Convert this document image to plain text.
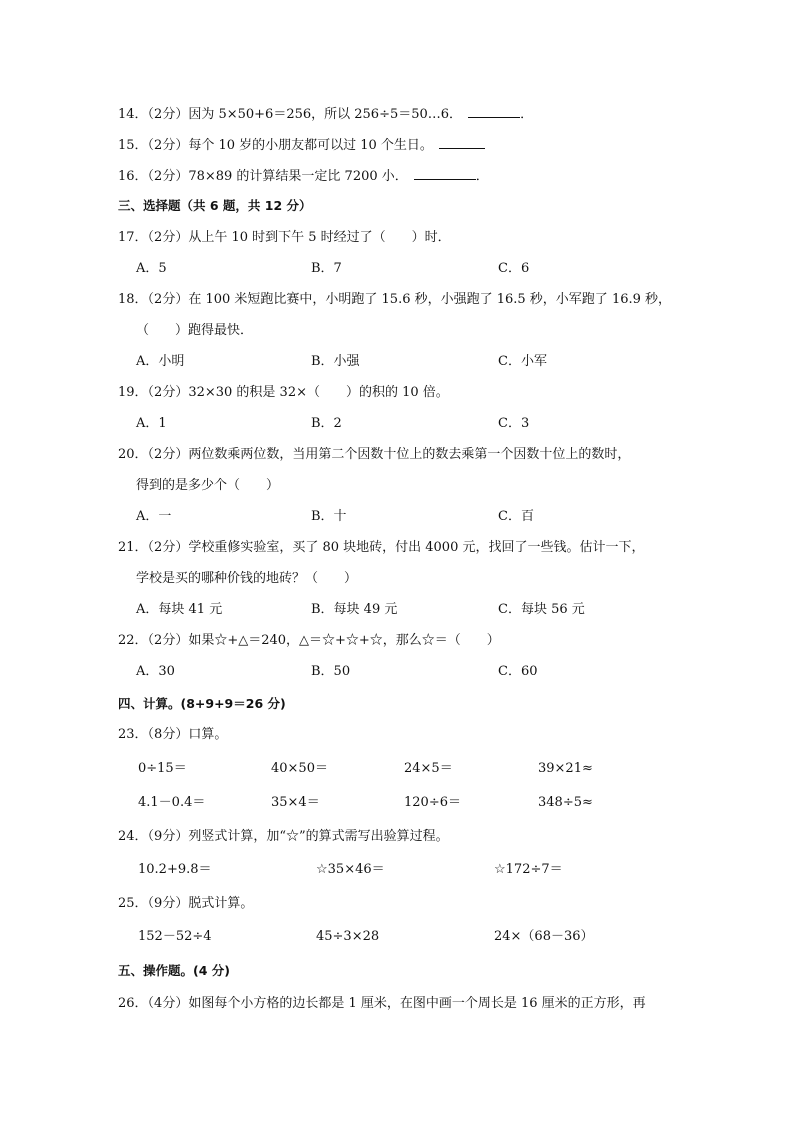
14．（2分）因为 5×50+6＝256，所以 256÷5＝50…6．	．
15．（2分）每个 10 岁的小朋友都可以过 10 个生日。
16．（2分）78×89 的计算结果一定比 7200 小．	．
三、选择题（共 6 题，共 12 分）
17．（2分）从上午 10 时到下午 5 时经过了（　　）时．
A．5	B．7	C．6
18．（2分）在 100 米短跑比赛中，小明跑了 15.6 秒，小强跑了 16.5 秒，小军跑了 16.9 秒，
（　　）跑得最快．
A．小明	B．小强	C．小军
19．（2分）32×30 的积是 32×（　　）的积的 10 倍。
A．1	B．2	C．3
20．（2分）两位数乘两位数，当用第二个因数十位上的数去乘第一个因数十位上的数时，
得到的是多少个（　　）
A．一	B．十	C．百
21．（2分）学校重修实验室，买了 80 块地砖，付出 4000 元，找回了一些钱。估计一下，
学校是买的哪种价钱的地砖？（　　）
A．每块 41 元	B．每块 49 元	C．每块 56 元
22．（2分）如果☆+△＝240，△＝☆+☆+☆，那么☆＝（　　）
A．30	B．50	C．60
四、计算。(8+9+9＝26 分)
23．（8分）口算。
0÷15＝	40×50＝	24×5＝	39×21≈
4.1－0.4＝	35×4＝	120÷6＝	348÷5≈
24．（9分）列竖式计算，加“☆”的算式需写出验算过程。
10.2+9.8＝	☆35×46＝	☆172÷7＝
25．（9分）脱式计算。
152－52÷4	45÷3×28	24×（68－36）
五、操作题。(4 分)
26．（4分）如图每个小方格的边长都是 1 厘米，在图中画一个周长是 16 厘米的正方形，再
